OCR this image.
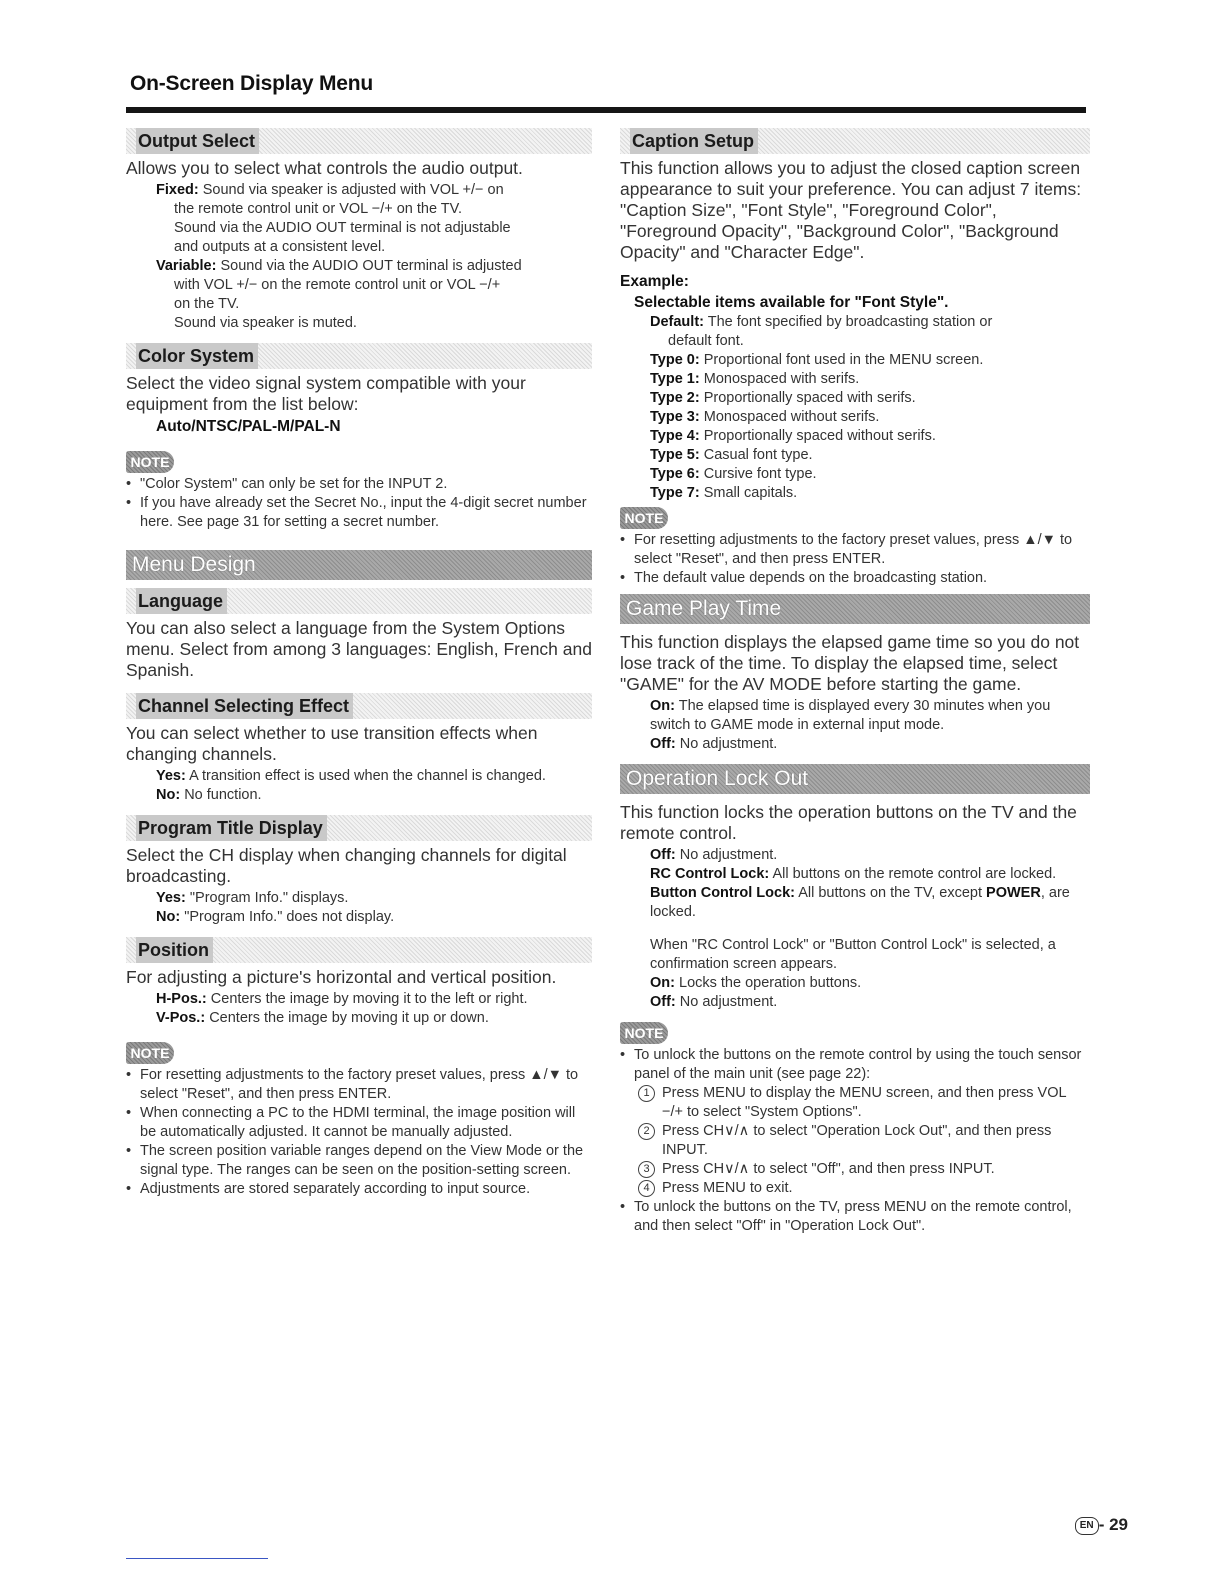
On-Screen Display Menu
Output Select
Allows you to select what controls the audio output.
Fixed: Sound via speaker is adjusted with VOL +/− on
the remote control unit or VOL −/+ on the TV.
Sound via the AUDIO OUT terminal is not adjustable
and outputs at a consistent level.
Variable: Sound via the AUDIO OUT terminal is adjusted
with VOL +/− on the remote control unit or VOL −/+
on the TV.
Sound via speaker is muted.
Color System
Select the video signal system compatible with your equipment from the list below:
Auto/NTSC/PAL-M/PAL-N
NOTE
• "Color System" can only be set for the INPUT 2.
• If you have already set the Secret No., input the 4-digit secret number here. See page 31 for setting a secret number.
Menu Design
Language
You can also select a language from the System Options menu. Select from among 3 languages: English, French and Spanish.
Channel Selecting Effect
You can select whether to use transition effects when changing channels.
Yes: A transition effect is used when the channel is changed.
No: No function.
Program Title Display
Select the CH display when changing channels for digital broadcasting.
Yes: "Program Info." displays.
No: "Program Info." does not display.
Position
For adjusting a picture's horizontal and vertical position.
H-Pos.: Centers the image by moving it to the left or right.
V-Pos.: Centers the image by moving it up or down.
NOTE
• For resetting adjustments to the factory preset values, press ▲/▼ to select "Reset", and then press ENTER.
• When connecting a PC to the HDMI terminal, the image position will be automatically adjusted. It cannot be manually adjusted.
• The screen position variable ranges depend on the View Mode or the signal type. The ranges can be seen on the position-setting screen.
• Adjustments are stored separately according to input source.
Caption Setup
This function allows you to adjust the closed caption screen appearance to suit your preference. You can adjust 7 items: "Caption Size", "Font Style", "Foreground Color", "Foreground Opacity", "Background Color", "Background Opacity" and "Character Edge".
Example:
Selectable items available for "Font Style".
Default: The font specified by broadcasting station or
default font.
Type 0: Proportional font used in the MENU screen.
Type 1: Monospaced with serifs.
Type 2: Proportionally spaced with serifs.
Type 3: Monospaced without serifs.
Type 4: Proportionally spaced without serifs.
Type 5: Casual font type.
Type 6: Cursive font type.
Type 7: Small capitals.
NOTE
• For resetting adjustments to the factory preset values, press ▲/▼ to select "Reset", and then press ENTER.
• The default value depends on the broadcasting station.
Game Play Time
This function displays the elapsed game time so you do not lose track of the time. To display the elapsed time, select "GAME" for the AV MODE before starting the game.
On: The elapsed time is displayed every 30 minutes when you switch to GAME mode in external input mode.
Off: No adjustment.
Operation Lock Out
This function locks the operation buttons on the TV and the remote control.
Off: No adjustment.
RC Control Lock: All buttons on the remote control are locked.
Button Control Lock: All buttons on the TV, except POWER, are locked.
When "RC Control Lock" or "Button Control Lock" is selected, a confirmation screen appears.
On: Locks the operation buttons.
Off: No adjustment.
NOTE
• To unlock the buttons on the remote control by using the touch sensor panel of the main unit (see page 22):
1 Press MENU to display the MENU screen, and then press VOL −/+ to select "System Options".
2 Press CH∨/∧ to select "Operation Lock Out", and then press INPUT.
3 Press CH∨/∧ to select "Off", and then press INPUT.
4 Press MENU to exit.
• To unlock the buttons on the TV, press MENU on the remote control, and then select "Off" in "Operation Lock Out".
EN - 29
